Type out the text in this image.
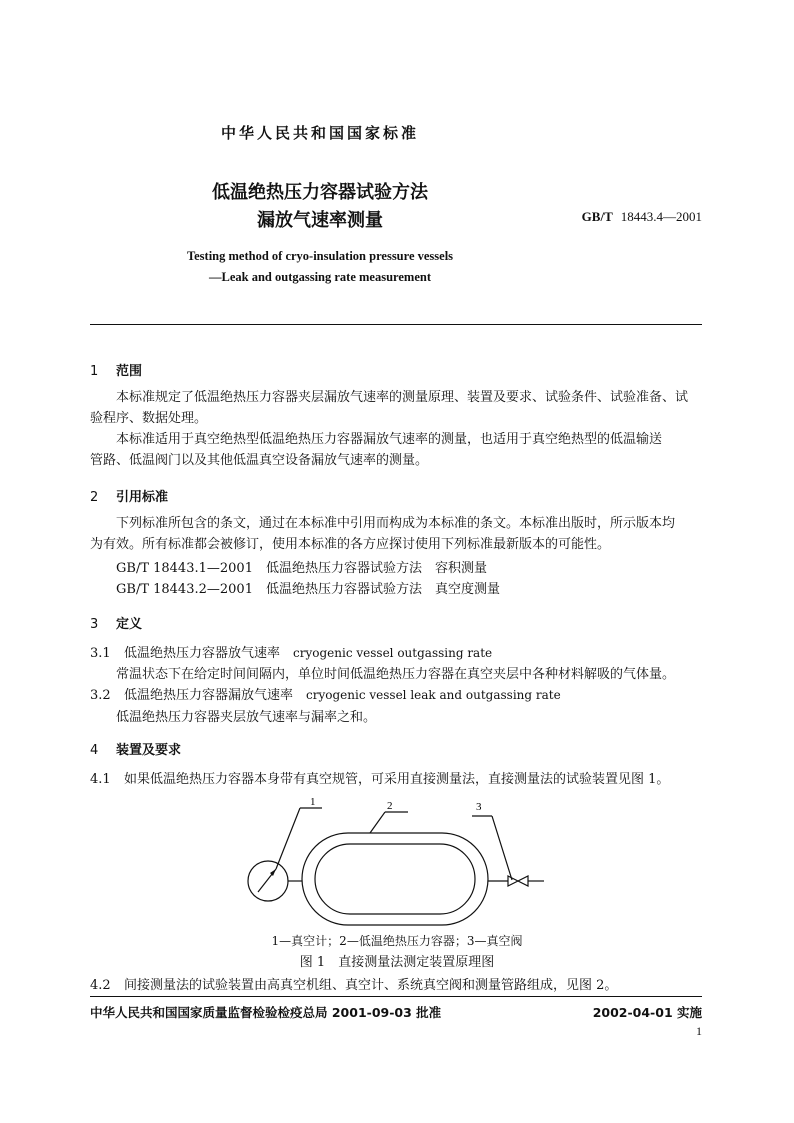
中华人民共和国国家标准
低温绝热压力容器试验方法
漏放气速率测量	GB/T 18443.4—2001
Testing method of cryo-insulation pressure vessels
—Leak and outgassing rate measurement
1 范围
本标准规定了低温绝热压力容器夹层漏放气速率的测量原理、装置及要求、试验条件、试验准备、试
验程序、数据处理。
本标准适用于真空绝热型低温绝热压力容器漏放气速率的测量，也适用于真空绝热型的低温输送
管路、低温阀门以及其他低温真空设备漏放气速率的测量。
2 引用标准
下列标准所包含的条文，通过在本标准中引用而构成为本标准的条文。本标准出版时，所示版本均
为有效。所有标准都会被修订，使用本标准的各方应探讨使用下列标准最新版本的可能性。
GB/T 18443.1—2001　 低温绝热压力容器试验方法　容积测量
GB/T 18443.2—2001　 低温绝热压力容器试验方法　真空度测量
3 定义
3.1 低温绝热压力容器放气速率　 cryogenic vessel outgassing rate
常温状态下在给定时间间隔内，单位时间低温绝热压力容器在真空夹层中各种材料解吸的气体量。
3.2 低温绝热压力容器漏放气速率　 cryogenic vessel leak and outgassing rate
低温绝热压力容器夹层放气速率与漏率之和。
4 装置及要求
4.1 如果低温绝热压力容器本身带有真空规管，可采用直接测量法，直接测量法的试验装置见图 1。
1	2	3
1—真空计；2—低温绝热压力容器；3—真空阀
图 1　直接测量法测定装置原理图
4.2 间接测量法的试验装置由高真空机组、真空计、系统真空阀和测量管路组成，见图 2。
中华人民共和国国家质量监督检验检疫总局 2001-09-03 批准	2002-04-01 实施
1
